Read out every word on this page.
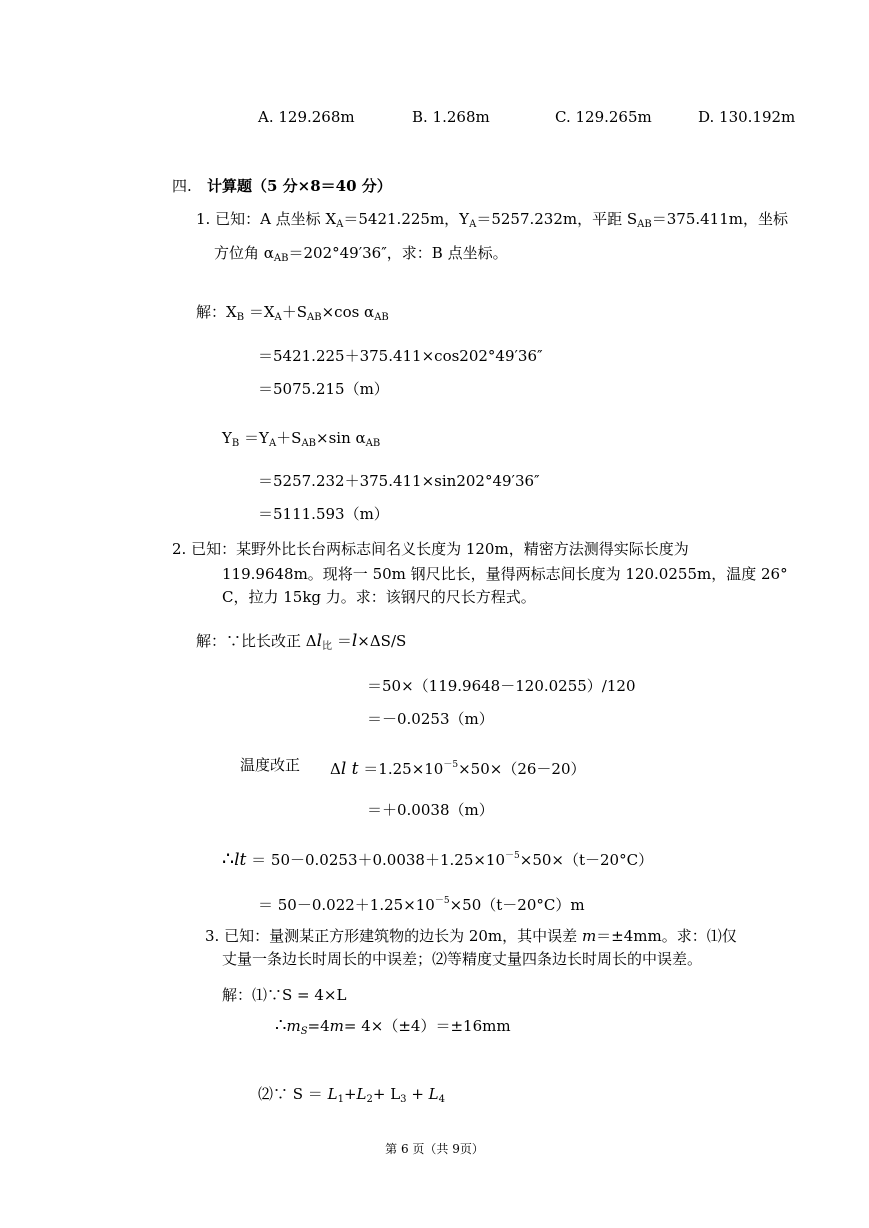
A. 129.268m	B. 1.268m	C. 129.265m	D. 130.192m
四. 计算题（5 分×8＝40 分）
1. 已知：A 点坐标 $X_A=5421.225m$，$Y_A=5257.232m$，平距 $S_{AB}=375.411m$，坐标
方位角 $\alpha_{AB}=202^\circ 49'36''$，求：B 点坐标。
解：$X_B =X_A+S_{AB}\times\cos$ $\alpha_{AB}$
＝5421.225＋375.411×cos202°49′36″
＝5075.215（m）
$Y_B =Y_A+S_{AB}\times\sin$ $\alpha_{AB}$
＝5257.232＋375.411×sin202°49′36″
＝5111.593（m）
2. 已知：某野外比长台两标志间名义长度为 120m，精密方法测得实际长度为
119.9648m。现将一 50m 钢尺比长，量得两标志间长度为 120.0255m，温度 26°
C，拉力 15kg 力。求：该钢尺的尺长方程式。
解：∵比长改正 $\Delta l_比 =l\times\Delta S/S$
＝50×（119.9648－120.0255）/120
＝－0.0253（m）
温度改正 Δl $t =1.25\times 10^{-5}\times 50\times(26-20)$
＝＋0.0038（m）
∴lt ＝ $50-0.0253+0.0038+1.25\times 10^{-5}\times 50\times(t-20^\circ C)$
＝ $50-0.022+1.25\times 10^{-5}\times 50(t-20^\circ C)m$
3. 已知：量测某正方形建筑物的边长为 20m，其中误差 m＝±4mm。求：⑴仅
丈量一条边长时周长的中误差；⑵等精度丈量四条边长时周长的中误差。
解：⑴∵S = 4×L
$\therefore m_S=4m= 4\times(\pm 4)=\pm 16mm$
⑵∵ $S = L_1+L_2+ L_3 + L_4$
第 6 页（共 9页）
